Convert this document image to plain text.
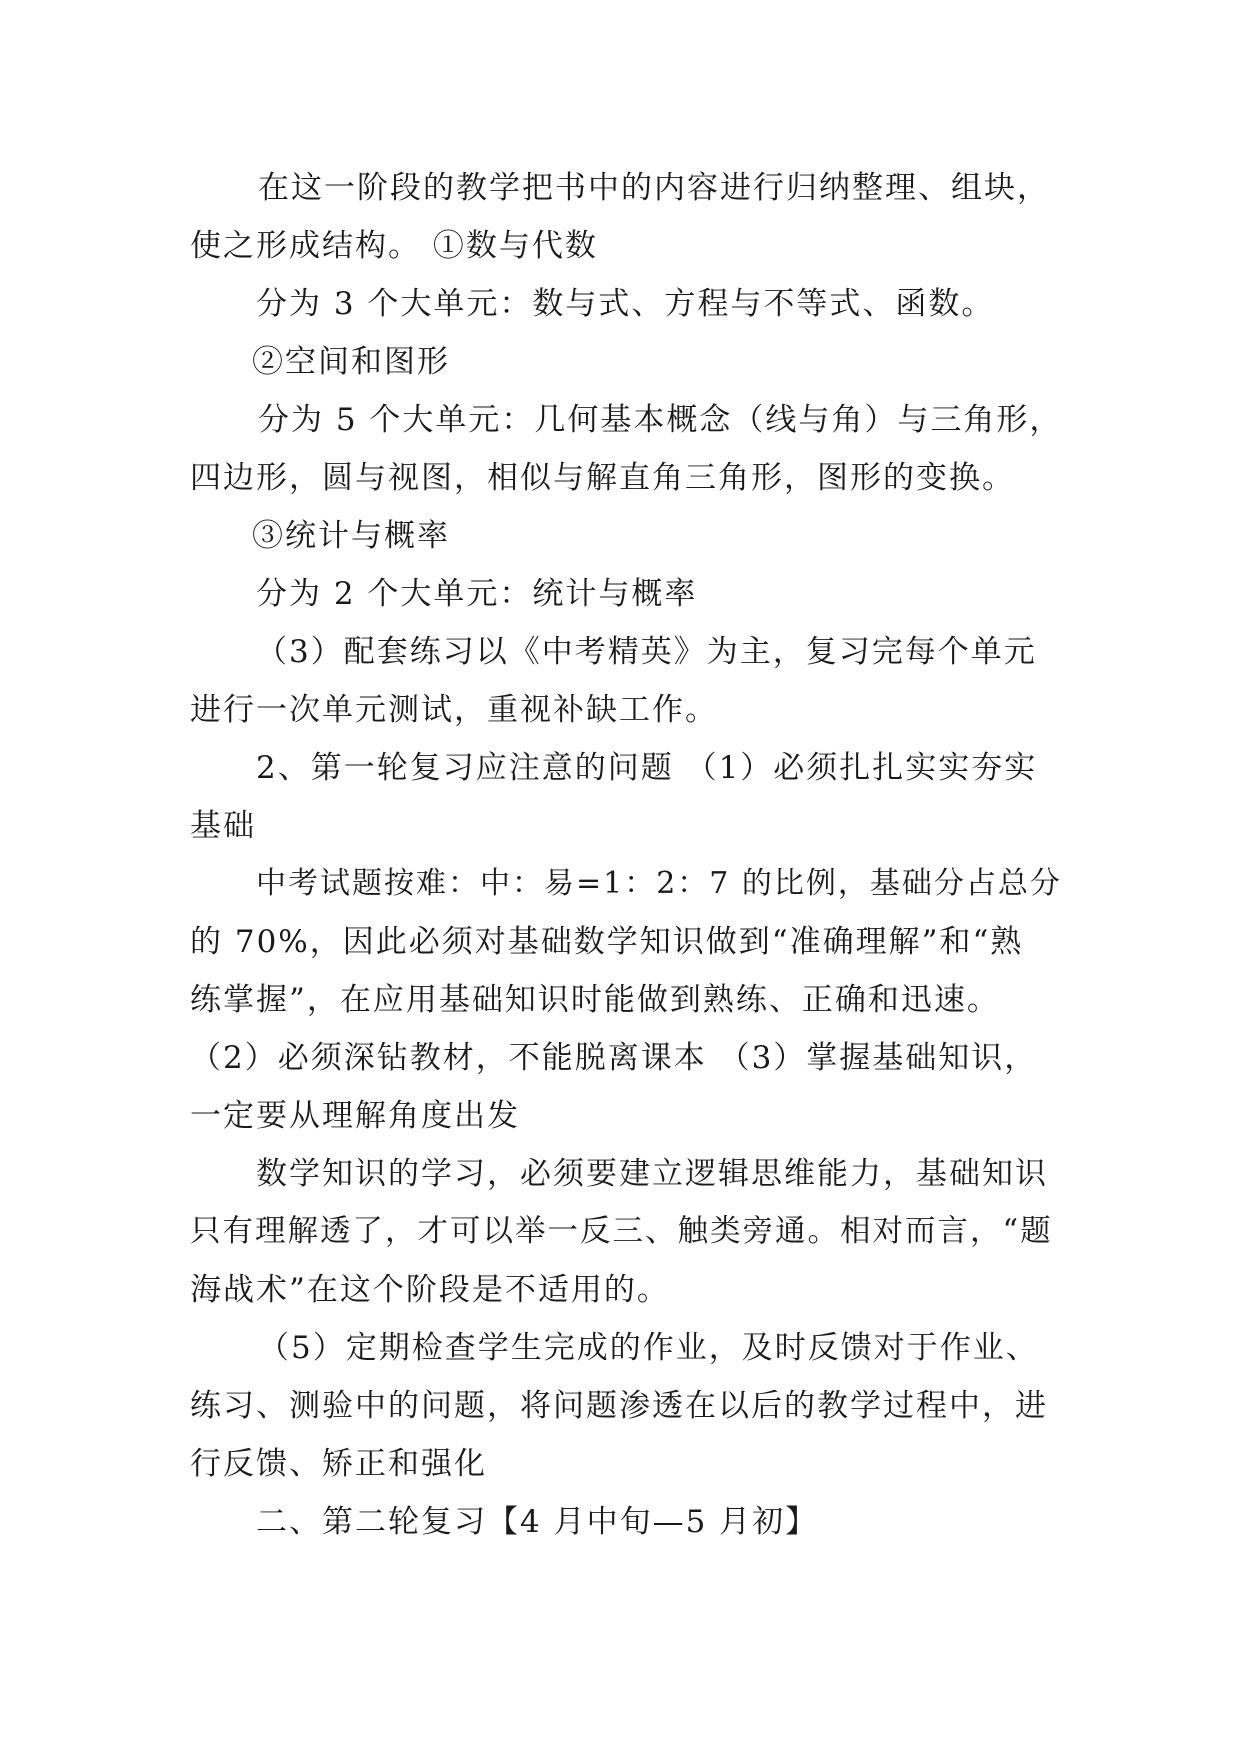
在这一阶段的教学把书中的内容进行归纳整理、组块，
使之形成结构。 ①数与代数
分为 3 个大单元：数与式、方程与不等式、函数。
②空间和图形
分为 5 个大单元：几何基本概念（线与角）与三角形，
四边形，圆与视图，相似与解直角三角形，图形的变换。
③统计与概率
分为 2 个大单元：统计与概率
（3）配套练习以《中考精英》为主，复习完每个单元
进行一次单元测试，重视补缺工作。
2、第一轮复习应注意的问题 （1）必须扎扎实实夯实
基础
中考试题按难：中：易=1：2：7 的比例，基础分占总分
的 70%，因此必须对基础数学知识做到“准确理解”和“熟
练掌握”，在应用基础知识时能做到熟练、正确和迅速。
（2）必须深钻教材，不能脱离课本 （3）掌握基础知识，
一定要从理解角度出发
数学知识的学习，必须要建立逻辑思维能力，基础知识
只有理解透了，才可以举一反三、触类旁通。相对而言，“题
海战术”在这个阶段是不适用的。
（5）定期检查学生完成的作业，及时反馈对于作业、
练习、测验中的问题，将问题渗透在以后的教学过程中，进
行反馈、矫正和强化
二、第二轮复习【4 月中旬—5 月初】
